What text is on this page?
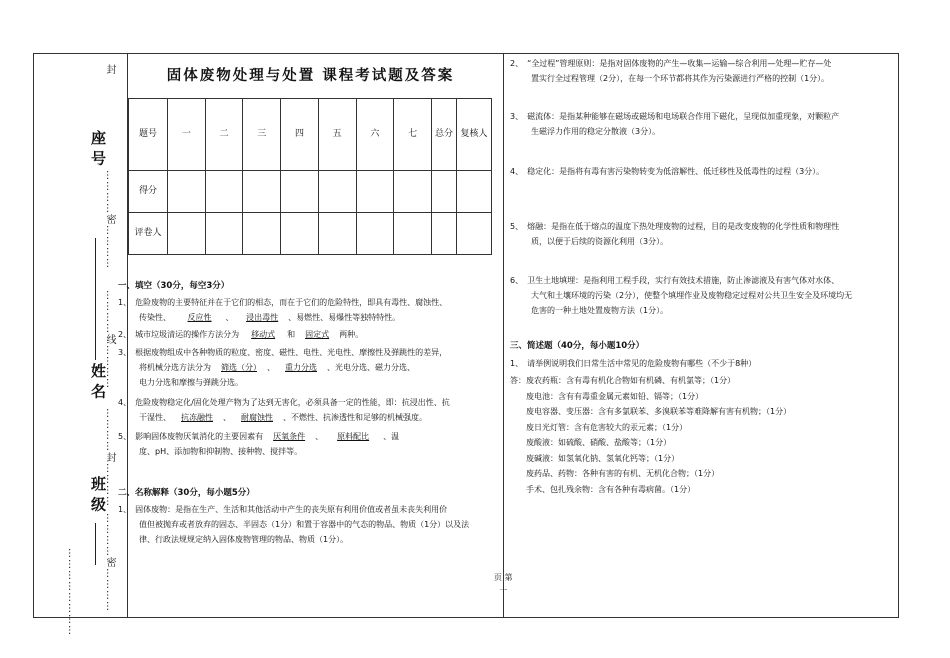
封
…………密…………
座 号
…………线…………
姓 名
…………封…………
班 级
…………密…………
……………………
固体废物处理与处置 课程考试题及答案
题号	一	二	三	四	五	六	七	总分	复核人
得分									
评卷人									
一、填空（30分，每空3分）
1、　危险废物的主要特征并在于它们的相态，而在于它们的危险特性，即具有毒性、腐蚀性、
传染性、 反应性 、 浸出毒性 、易燃性、易爆性等独特特性。
2、　城市垃圾清运的操作方法分为 移动式 和 固定式 两种。
3、　根据废物组成中各种物质的粒度、密度、磁性、电性、光电性、摩擦性及弹跳性的差异，
将机械分选方法分为 筛选（分） 、 重力分选 、光电分选、磁力分选、
电力分选和摩擦与弹跳分选。
4、　危险废物稳定化/固化处理产物为了达到无害化，必须具备一定的性能，即：抗浸出性、抗
干湿性、 抗冻融性 、 耐腐蚀性 、不燃性、抗渗透性和足够的机械强度。
5、　影响固体废物厌氧消化的主要因素有 厌氧条件 、 原料配比 、温
度、pH、添加物和抑制物、接种物、搅拌等。
二、名称解释（30分，每小题5分）
1、　固体废物：是指在生产、生活和其他活动中产生的丧失原有利用价值或者虽未丧失利用价
值但被抛弃或者放弃的固态、半固态（1分）和置于容器中的气态的物品、物质（1分）以及法
律、行政法规规定纳入固体废物管理的物品、物质（1分）。
2、　“全过程”管理原则：是指对固体废物的产生—收集—运输—综合利用—处理—贮存—处
置实行全过程管理（2分），在每一个环节都将其作为污染源进行严格的控制（1分）。
3、　磁流体：是指某种能够在磁场或磁场和电场联合作用下磁化，呈现似加重现象，对颗粒产
生磁浮力作用的稳定分散液（3分）。
4、　稳定化：是指将有毒有害污染物转变为低溶解性、低迁移性及低毒性的过程（3分）。
5、　熔融：是指在低于熔点的温度下热处理废物的过程，目的是改变废物的化学性质和物理性
质，以便于后续的资源化利用（3分）。
6、　卫生土地填埋：是指利用工程手段，实行有效技术措施，防止渗滤液及有害气体对水体、
大气和土壤环境的污染（2分），使整个填埋作业及废物稳定过程对公共卫生安全及环境均无
危害的一种土地处置废物方法（1分）。
三、简述题（40分，每小题10分）
1、　请举例说明我们日常生活中常见的危险废物有哪些（不少于8种）
答：废农药瓶：含有毒有机化合物如有机磷、有机氯等；（1分）
　　废电池：含有有毒重金属元素如铅、镉等；（1分）
　　废电容器、变压器：含有多氯联苯、多溴联苯等难降解有害有机物；（1分）
　　废日光灯管：含有危害较大的汞元素；（1分）
　　废酸液：如硫酸、硝酸、盐酸等；（1分）
　　废碱液：如氢氧化钠、氢氧化钙等；（1分）
　　废药品、药物：各种有害的有机、无机化合物；（1分）
　　手术、包扎残余物：含有各种有毒病菌。（1分）
页 第
一
